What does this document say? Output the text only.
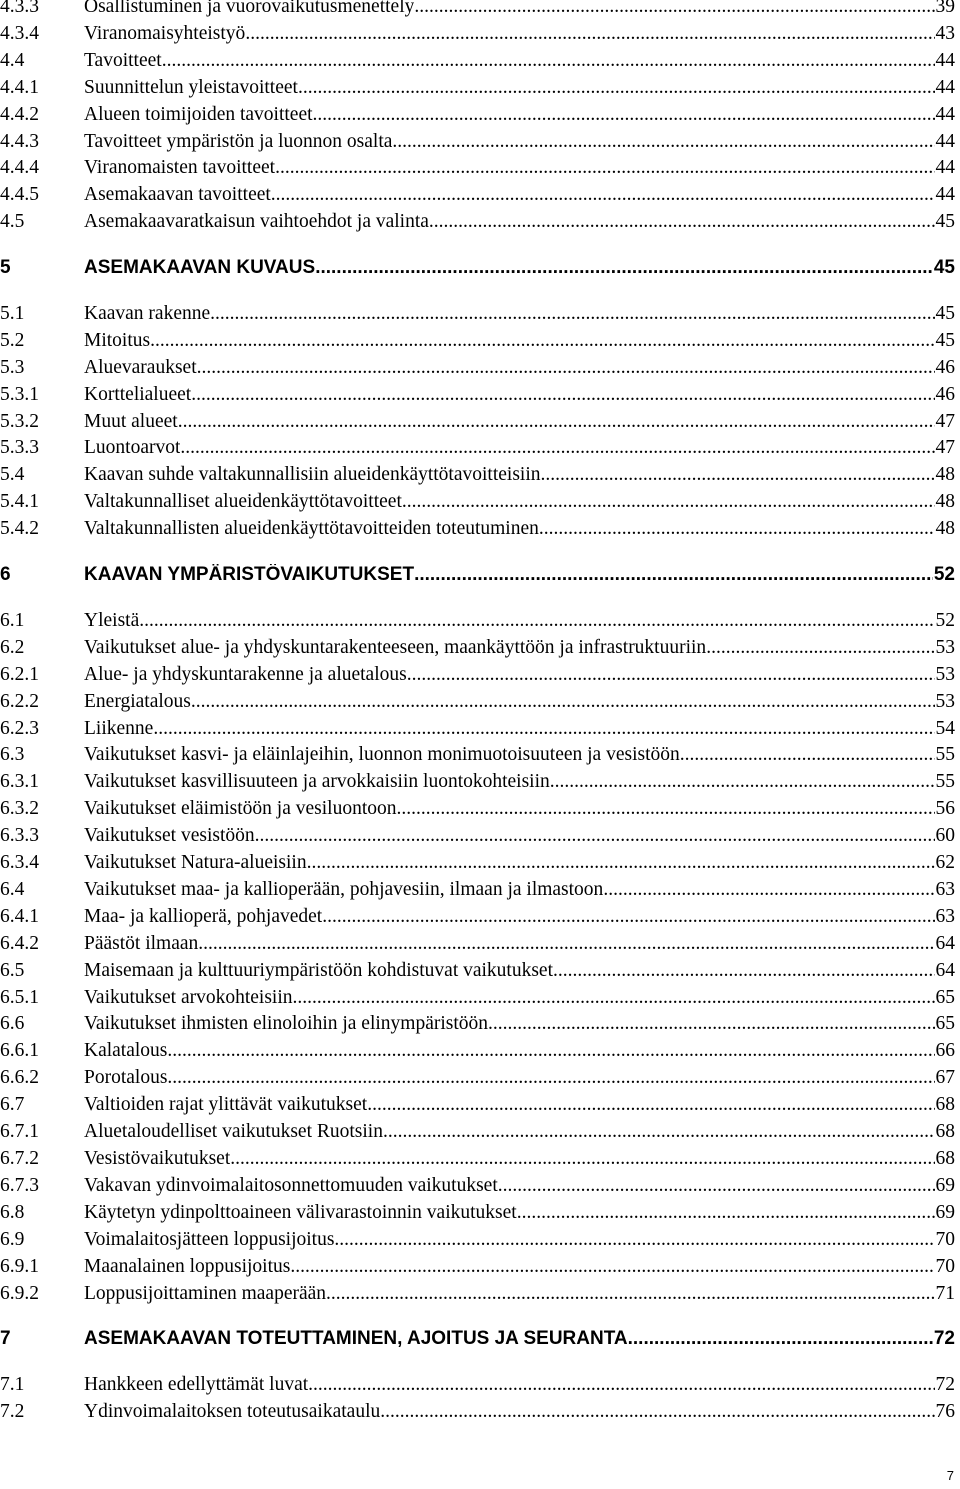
4.3.3	Osallistuminen ja vuorovaikutusmenettely .....	39
4.3.4	Viranomaisyhteistyö .....	43
4.4	Tavoitteet .....	44
4.4.1	Suunnittelun yleistavoitteet .....	44
4.4.2	Alueen toimijoiden tavoitteet .....	44
4.4.3	Tavoitteet ympäristön ja luonnon osalta .....	44
4.4.4	Viranomaisten tavoitteet .....	44
4.4.5	Asemakaavan tavoitteet .....	44
4.5	Asemakaavaratkaisun vaihtoehdot ja valinta .....	45
5	ASEMAKAAVAN KUVAUS .....	45
5.1	Kaavan rakenne .....	45
5.2	Mitoitus .....	45
5.3	Aluevaraukset .....	46
5.3.1	Korttelialueet .....	46
5.3.2	Muut alueet .....	47
5.3.3	Luontoarvot .....	47
5.4	Kaavan suhde valtakunnallisiin alueidenkäyttötavoitteisiin .....	48
5.4.1	Valtakunnalliset alueidenkäyttötavoitteet .....	48
5.4.2	Valtakunnallisten alueidenkäyttötavoitteiden toteutuminen .....	48
6	KAAVAN YMPÄRISTÖVAIKUTUKSET .....	52
6.1	Yleistä .....	52
6.2	Vaikutukset alue- ja yhdyskuntarakenteeseen, maankäyttöön ja infrastruktuuriin .....	53
6.2.1	Alue- ja yhdyskuntarakenne ja aluetalous .....	53
6.2.2	Energiatalous .....	53
6.2.3	Liikenne .....	54
6.3	Vaikutukset kasvi- ja eläinlajeihin, luonnon monimuotoisuuteen ja vesistöön .....	55
6.3.1	Vaikutukset kasvillisuuteen ja arvokkaisiin luontokohteisiin .....	55
6.3.2	Vaikutukset eläimistöön ja vesiluontoon .....	56
6.3.3	Vaikutukset vesistöön .....	60
6.3.4	Vaikutukset Natura-alueisiin .....	62
6.4	Vaikutukset maa- ja kallioperään, pohjavesiin, ilmaan ja ilmastoon .....	63
6.4.1	Maa- ja kallioperä, pohjavedet .....	63
6.4.2	Päästöt ilmaan .....	64
6.5	Maisemaan ja kulttuuriympäristöön kohdistuvat vaikutukset .....	64
6.5.1	Vaikutukset arvokohteisiin .....	65
6.6	Vaikutukset ihmisten elinoloihin ja elinympäristöön .....	65
6.6.1	Kalatalous .....	66
6.6.2	Porotalous .....	67
6.7	Valtioiden rajat ylittävät vaikutukset .....	68
6.7.1	Aluetaloudelliset vaikutukset Ruotsiin .....	68
6.7.2	Vesistövaikutukset .....	68
6.7.3	Vakavan ydinvoimalaitosonnettomuuden vaikutukset .....	69
6.8	Käytetyn ydinpolttoaineen välivarastoinnin vaikutukset .....	69
6.9	Voimalaitosjätteen loppusijoitus .....	70
6.9.1	Maanalainen loppusijoitus .....	70
6.9.2	Loppusijoittaminen maaperään .....	71
7	ASEMAKAAVAN TOTEUTTAMINEN, AJOITUS JA SEURANTA .....	72
7.1	Hankkeen edellyttämät luvat .....	72
7.2	Ydinvoimalaitoksen toteutusaikataulu .....	76
7
